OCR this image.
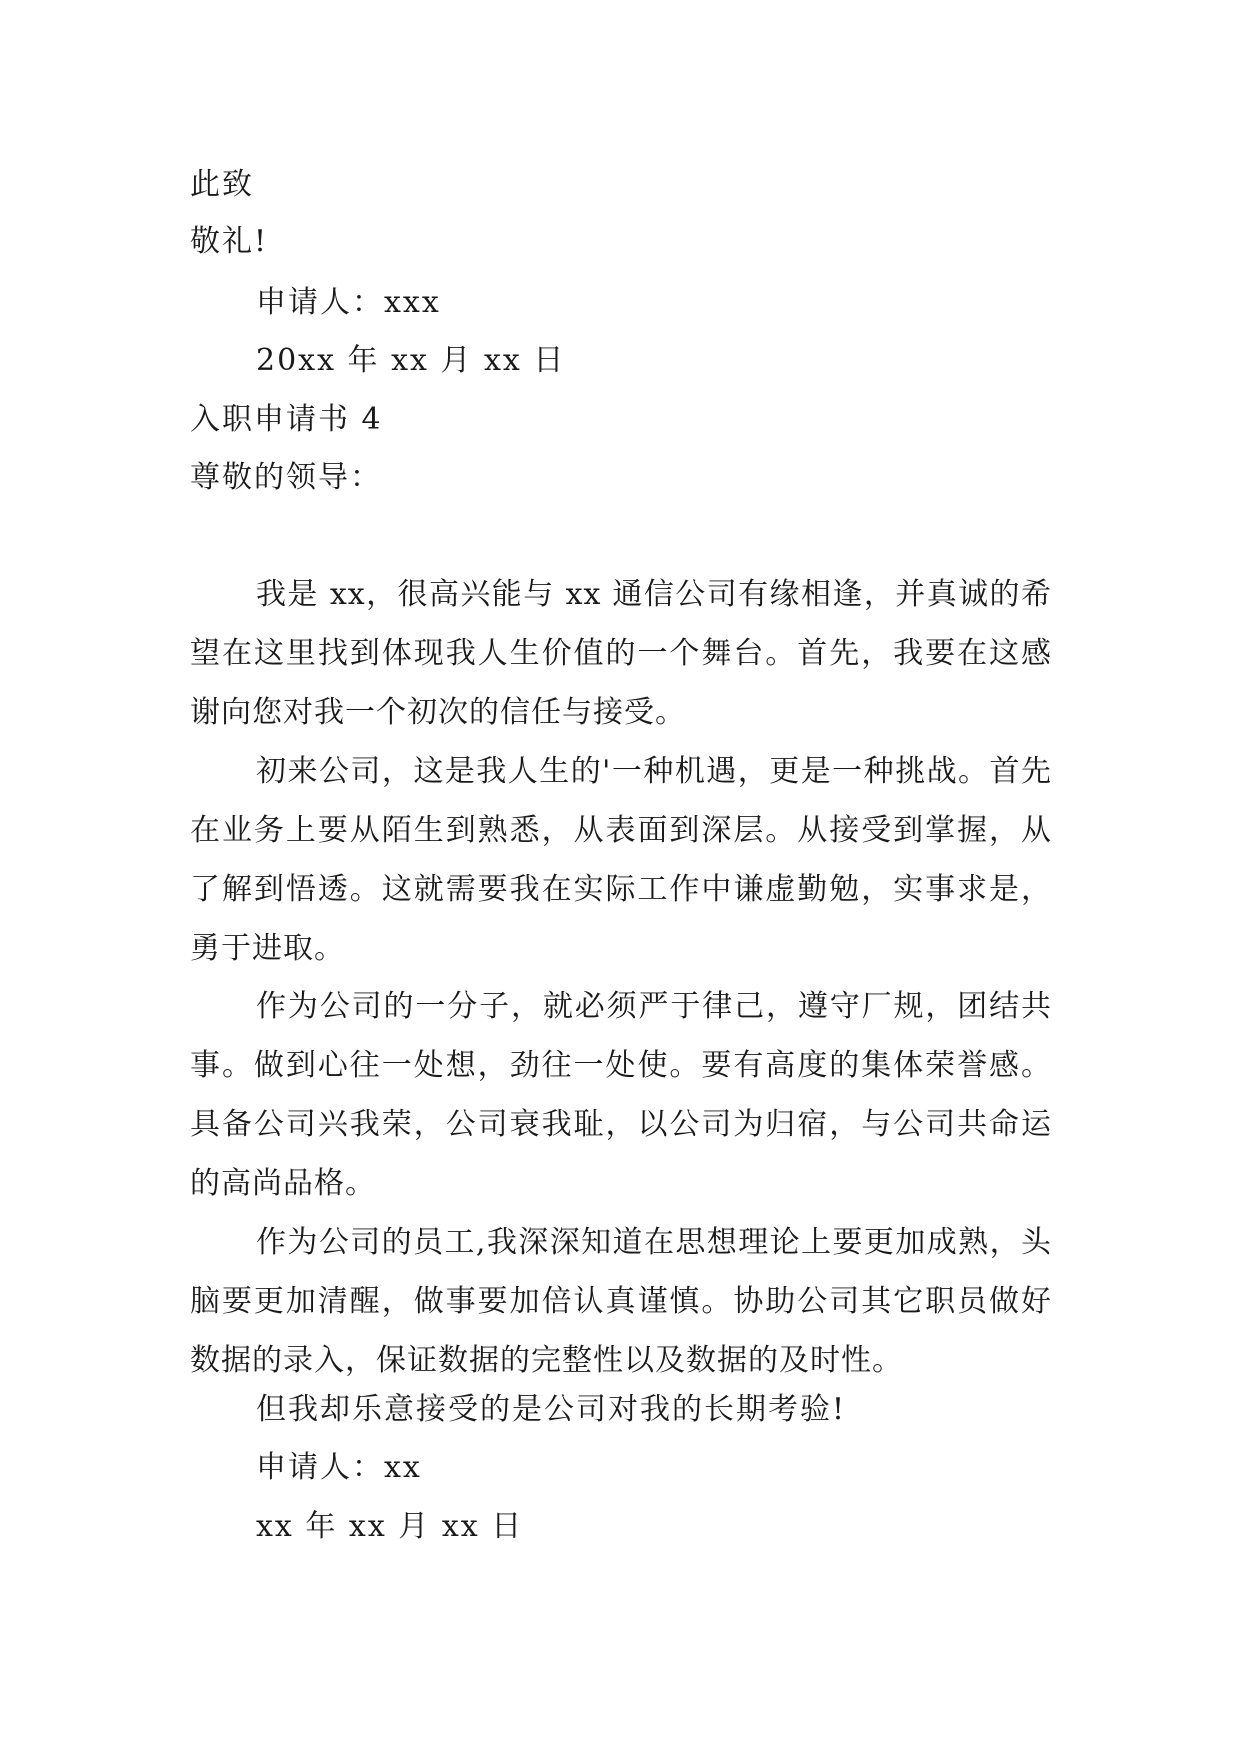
此致
敬礼!
申请人：xxx
20xx 年 xx 月 xx 日
入职申请书 4
尊敬的领导：
我是 xx，很高兴能与 xx 通信公司有缘相逢，并真诚的希望在这里找到体现我人生价值的一个舞台。首先，我要在这感谢向您对我一个初次的信任与接受。
初来公司，这是我人生的'一种机遇，更是一种挑战。首先在业务上要从陌生到熟悉，从表面到深层。从接受到掌握，从了解到悟透。这就需要我在实际工作中谦虚勤勉，实事求是，勇于进取。
作为公司的一分子，就必须严于律己，遵守厂规，团结共事。做到心往一处想，劲往一处使。要有高度的集体荣誉感。具备公司兴我荣，公司衰我耻，以公司为归宿，与公司共命运的高尚品格。
作为公司的员工,我深深知道在思想理论上要更加成熟，头脑要更加清醒，做事要加倍认真谨慎。协助公司其它职员做好数据的录入，保证数据的完整性以及数据的及时性。
但我却乐意接受的是公司对我的长期考验!
申请人：xx
xx 年 xx 月 xx 日
